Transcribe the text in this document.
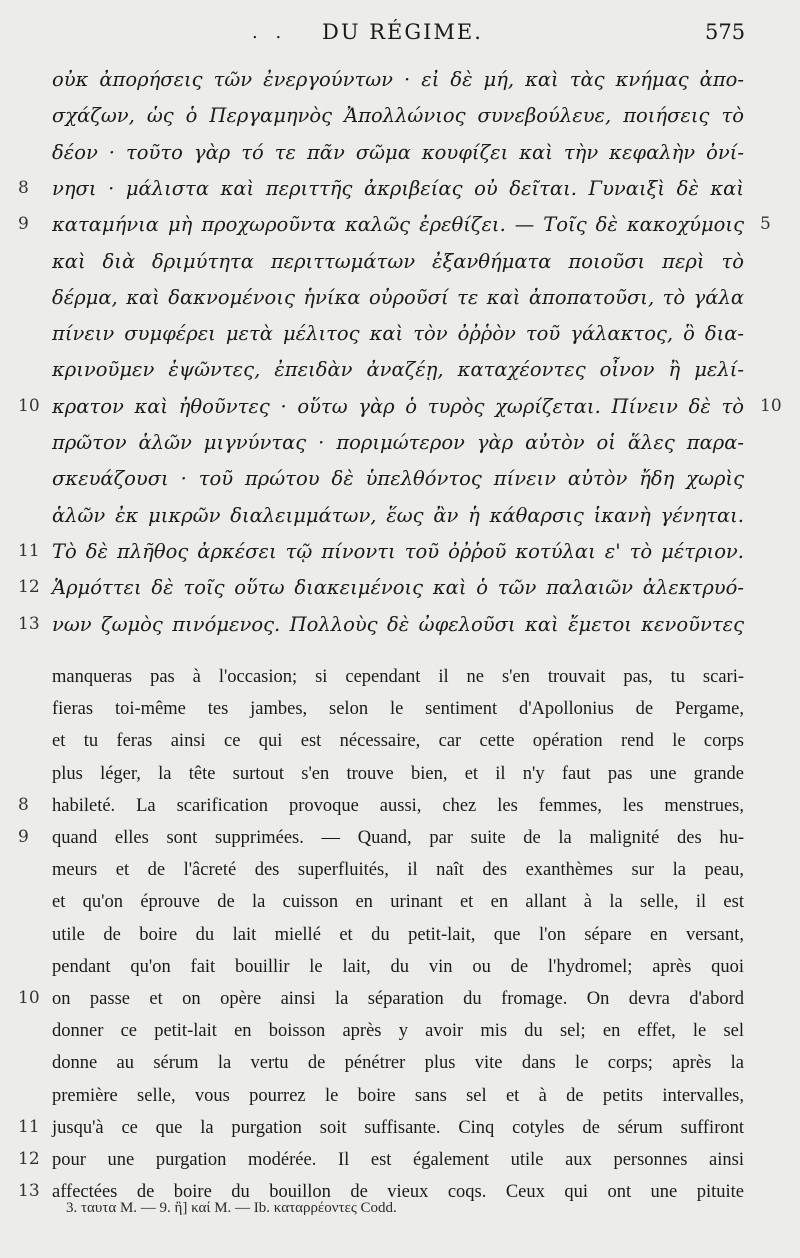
. . DU RÉGIME.	575
οὐκ ἀπορήσεις τῶν ἐνεργούντων · εἰ δὲ μή, καὶ τὰς κνήμας ἀπο-
σχάζων, ὡς ὁ Περγαμηνὸς Ἀπολλώνιος συνεβούλευε, ποιήσεις τὸ
δέον · τοῦτο γὰρ τό τε πᾶν σῶμα κουφίζει καὶ τὴν κεφαλὴν ὀνί-
νησι · μάλιστα καὶ περιττῆς ἀκριβείας οὐ δεῖται. Γυναιξὶ δὲ καὶ
καταμήνια μὴ προχωροῦντα καλῶς ἐρεθίζει. — Τοῖς δὲ κακοχύμοις
καὶ διὰ δριμύτητα περιττωμάτων ἐξανθήματα ποιοῦσι περὶ τὸ
δέρμα, καὶ δακνομένοις ἡνίκα οὐροῦσί τε καὶ ἀποπατοῦσι, τὸ γάλα
πίνειν συμφέρει μετὰ μέλιτος καὶ τὸν ὀῤῥὸν τοῦ γάλακτος, ὃ δια-
κρινοῦμεν ἑψῶντες, ἐπειδὰν ἀναζέῃ, καταχέοντες οἶνον ἢ μελί-
κρατον καὶ ἠθοῦντες · οὕτω γὰρ ὁ τυρὸς χωρίζεται. Πίνειν δὲ τὸ
πρῶτον ἁλῶν μιγνύντας · ποριμώτερον γὰρ αὐτὸν οἱ ἅλες παρα-
σκευάζουσι · τοῦ πρώτου δὲ ὑπελθόντος πίνειν αὐτὸν ἤδη χωρὶς
ἁλῶν ἐκ μικρῶν διαλειμμάτων, ἕως ἂν ἡ κάθαρσις ἱκανὴ γένηται.
Τὸ δὲ πλῆθος ἀρκέσει τῷ πίνοντι τοῦ ὀῤῥοῦ κοτύλαι ε' τὸ μέτριον.
Ἁρμόττει δὲ τοῖς οὕτω διακειμένοις καὶ ὁ τῶν παλαιῶν ἀλεκτρυό-
νων ζωμὸς πινόμενος. Πολλοὺς δὲ ὠφελοῦσι καὶ ἔμετοι κενοῦντες
8
9
10
11
12
13
5
10
manqueras pas à l'occasion; si cependant il ne s'en trouvait pas, tu scari-
fieras toi-même tes jambes, selon le sentiment d'Apollonius de Pergame,
et tu feras ainsi ce qui est nécessaire, car cette opération rend le corps
plus léger, la tête surtout s'en trouve bien, et il n'y faut pas une grande
habileté. La scarification provoque aussi, chez les femmes, les menstrues,
quand elles sont supprimées. — Quand, par suite de la malignité des hu-
meurs et de l'âcreté des superfluités, il naît des exanthèmes sur la peau,
et qu'on éprouve de la cuisson en urinant et en allant à la selle, il est
utile de boire du lait miellé et du petit-lait, que l'on sépare en versant,
pendant qu'on fait bouillir le lait, du vin ou de l'hydromel; après quoi
on passe et on opère ainsi la séparation du fromage. On devra d'abord
donner ce petit-lait en boisson après y avoir mis du sel; en effet, le sel
donne au sérum la vertu de pénétrer plus vite dans le corps; après la
première selle, vous pourrez le boire sans sel et à de petits intervalles,
jusqu'à ce que la purgation soit suffisante. Cinq cotyles de sérum suffiront
pour une purgation modérée. Il est également utile aux personnes ainsi
affectées de boire du bouillon de vieux coqs. Ceux qui ont une pituite
8
9
10
11
12
13
3. ταυτα M. — 9. ἢ] καί M. — Ib. καταρρέοντες Codd.
